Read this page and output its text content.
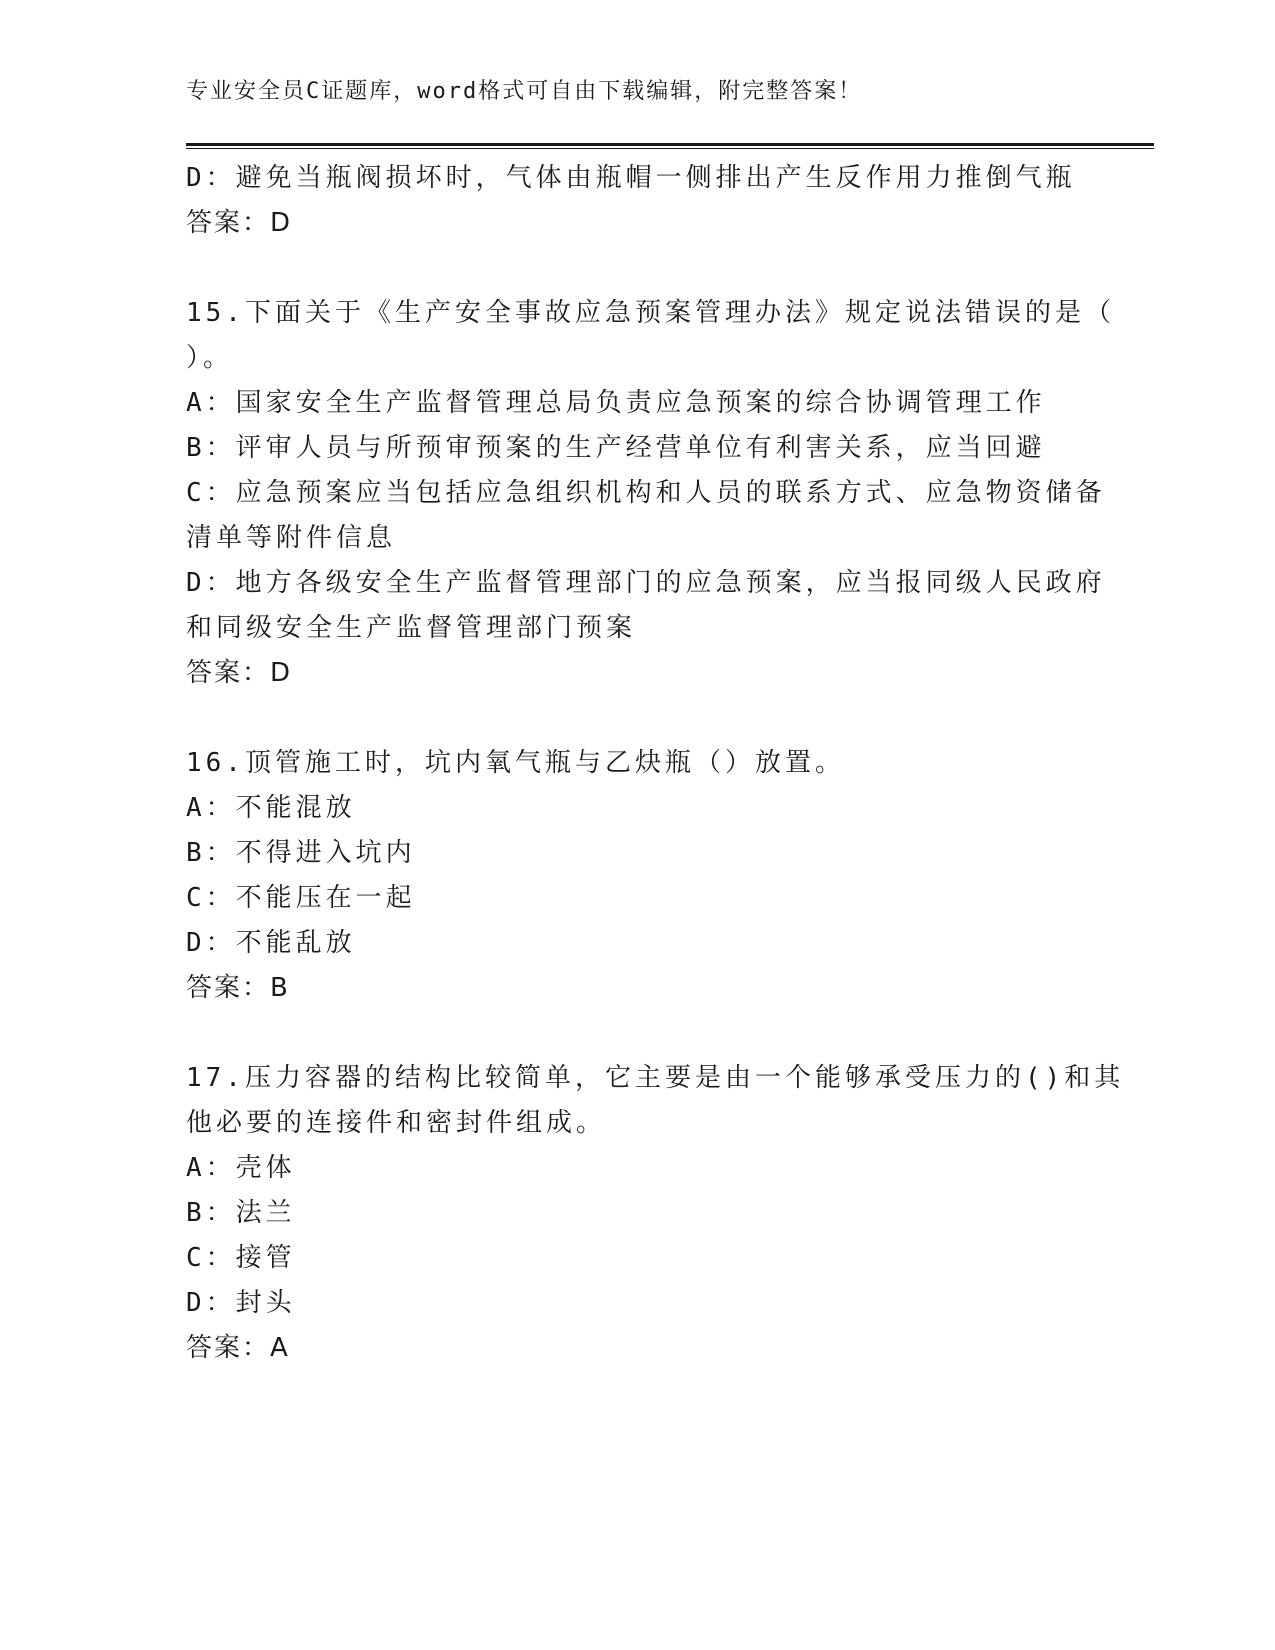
专业安全员C证题库，word格式可自由下载编辑，附完整答案！
D：避免当瓶阀损坏时，气体由瓶帽一侧排出产生反作用力推倒气瓶
答案：D
15.下面关于《生产安全事故应急预案管理办法》规定说法错误的是（
）。
A：国家安全生产监督管理总局负责应急预案的综合协调管理工作
B：评审人员与所预审预案的生产经营单位有利害关系，应当回避
C：应急预案应当包括应急组织机构和人员的联系方式、应急物资储备
清单等附件信息
D：地方各级安全生产监督管理部门的应急预案，应当报同级人民政府
和同级安全生产监督管理部门预案
答案：D
16.顶管施工时，坑内氧气瓶与乙炔瓶（）放置。
A：不能混放
B：不得进入坑内
C：不能压在一起
D：不能乱放
答案：B
17.压力容器的结构比较简单，它主要是由一个能够承受压力的()和其
他必要的连接件和密封件组成。
A：壳体
B：法兰
C：接管
D：封头
答案：A
